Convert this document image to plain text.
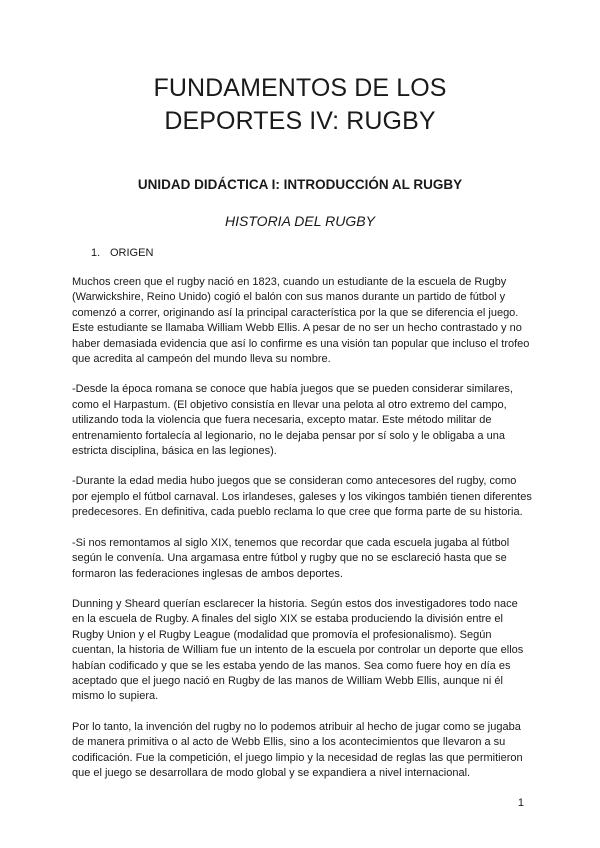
FUNDAMENTOS DE LOS
DEPORTES IV: RUGBY
UNIDAD DIDÁCTICA I: INTRODUCCIÓN AL RUGBY
HISTORIA DEL RUGBY
1. ORIGEN

Muchos creen que el rugby nació en 1823, cuando un estudiante de la escuela de Rugby (Warwickshire, Reino Unido) cogió el balón con sus manos durante un partido de fútbol y comenzó a correr, originando así la principal característica por la que se diferencia el juego. Este estudiante se llamaba William Webb Ellis. A pesar de no ser un hecho contrastado y no haber demasiada evidencia que así lo confirme es una visión tan popular que incluso el trofeo que acredita al campeón del mundo lleva su nombre.

-Desde la época romana se conoce que había juegos que se pueden considerar similares, como el Harpastum. (El objetivo consistía en llevar una pelota al otro extremo del campo, utilizando toda la violencia que fuera necesaria, excepto matar. Este método militar de entrenamiento fortalecía al legionario, no le dejaba pensar por sí solo y le obligaba a una estricta disciplina, básica en las legiones).

-Durante la edad media hubo juegos que se consideran como antecesores del rugby, como por ejemplo el fútbol carnaval. Los irlandeses, galeses y los vikingos también tienen diferentes predecesores. En definitiva, cada pueblo reclama lo que cree que forma parte de su historia.

-Si nos remontamos al siglo XIX, tenemos que recordar que cada escuela jugaba al fútbol según le convenía. Una argamasa entre fútbol y rugby que no se esclareció hasta que se formaron las federaciones inglesas de ambos deportes.

Dunning y Sheard querían esclarecer la historia. Según estos dos investigadores todo nace en la escuela de Rugby. A finales del siglo XIX se estaba produciendo la división entre el Rugby Union y el Rugby League (modalidad que promovía el profesionalismo). Según cuentan, la historia de William fue un intento de la escuela por controlar un deporte que ellos habían codificado y que se les estaba yendo de las manos. Sea como fuere hoy en día es aceptado que el juego nació en Rugby de las manos de William Webb Ellis, aunque ni él mismo lo supiera.

Por lo tanto, la invención del rugby no lo podemos atribuir al hecho de jugar como se jugaba de manera primitiva o al acto de Webb Ellis, sino a los acontecimientos que llevaron a su codificación. Fue la competición, el juego limpio y la necesidad de reglas las que permitieron que el juego se desarrollara de modo global y se expandiera a nivel internacional.

1
